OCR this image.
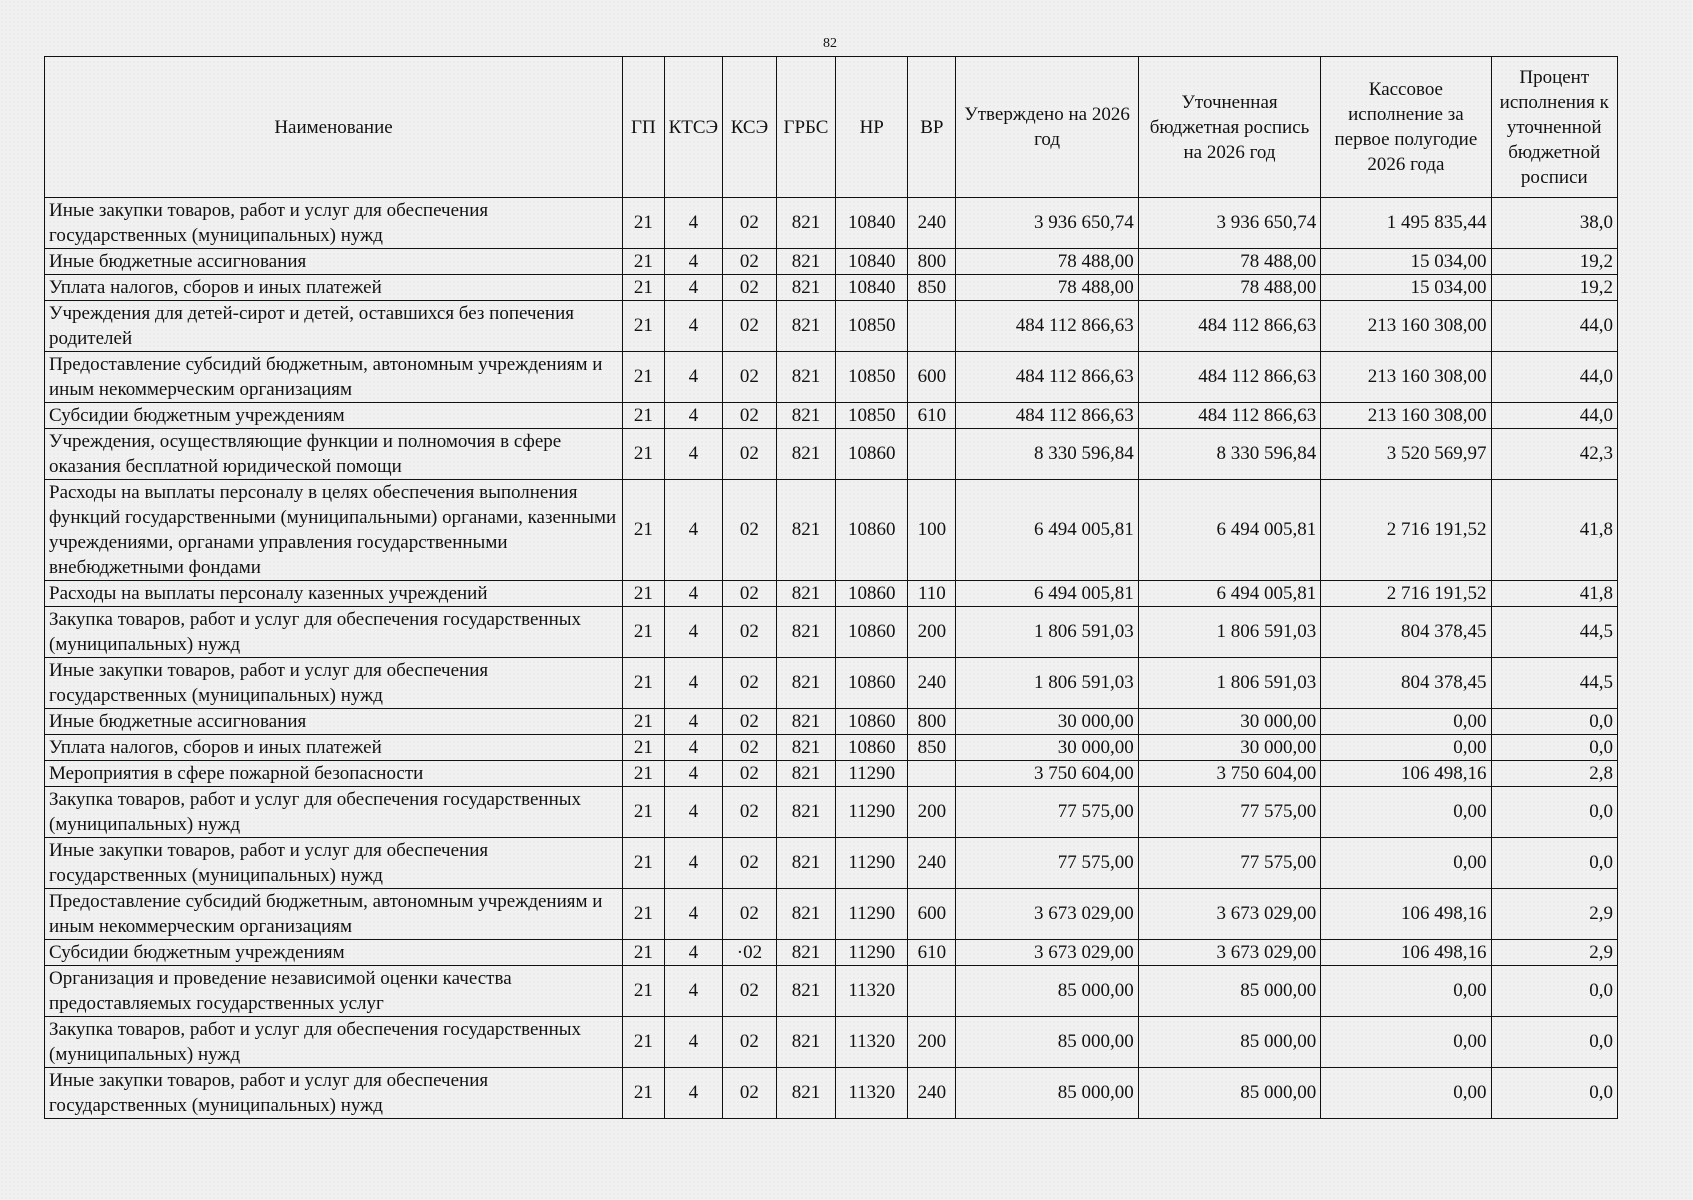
82
Наименование	ГП	КТСЭ	КСЭ	ГРБС	НР	ВР	Утверждено на 2026 год	Уточненная бюджетная роспись на 2026 год	Кассовое исполнение за первое полугодие 2026 года	Процент исполнения к уточненной бюджетной росписи
Иные закупки товаров, работ и услуг для обеспечения государственных (муниципальных) нужд	21	4	02	821	10840	240	3 936 650,74	3 936 650,74	1 495 835,44	38,0
Иные бюджетные ассигнования	21	4	02	821	10840	800	78 488,00	78 488,00	15 034,00	19,2
Уплата налогов, сборов и иных платежей	21	4	02	821	10840	850	78 488,00	78 488,00	15 034,00	19,2
Учреждения для детей-сирот и детей, оставшихся без попечения родителей	21	4	02	821	10850		484 112 866,63	484 112 866,63	213 160 308,00	44,0
Предоставление субсидий бюджетным, автономным учреждениям и иным некоммерческим организациям	21	4	02	821	10850	600	484 112 866,63	484 112 866,63	213 160 308,00	44,0
Субсидии бюджетным учреждениям	21	4	02	821	10850	610	484 112 866,63	484 112 866,63	213 160 308,00	44,0
Учреждения, осуществляющие функции и полномочия в сфере оказания бесплатной юридической помощи	21	4	02	821	10860		8 330 596,84	8 330 596,84	3 520 569,97	42,3
Расходы на выплаты персоналу в целях обеспечения выполнения функций государственными (муниципальными) органами, казенными учреждениями, органами управления государственными внебюджетными фондами	21	4	02	821	10860	100	6 494 005,81	6 494 005,81	2 716 191,52	41,8
Расходы на выплаты персоналу казенных учреждений	21	4	02	821	10860	110	6 494 005,81	6 494 005,81	2 716 191,52	41,8
Закупка товаров, работ и услуг для обеспечения государственных (муниципальных) нужд	21	4	02	821	10860	200	1 806 591,03	1 806 591,03	804 378,45	44,5
Иные закупки товаров, работ и услуг для обеспечения государственных (муниципальных) нужд	21	4	02	821	10860	240	1 806 591,03	1 806 591,03	804 378,45	44,5
Иные бюджетные ассигнования	21	4	02	821	10860	800	30 000,00	30 000,00	0,00	0,0
Уплата налогов, сборов и иных платежей	21	4	02	821	10860	850	30 000,00	30 000,00	0,00	0,0
Мероприятия в сфере пожарной безопасности	21	4	02	821	11290		3 750 604,00	3 750 604,00	106 498,16	2,8
Закупка товаров, работ и услуг для обеспечения государственных (муниципальных) нужд	21	4	02	821	11290	200	77 575,00	77 575,00	0,00	0,0
Иные закупки товаров, работ и услуг для обеспечения государственных (муниципальных) нужд	21	4	02	821	11290	240	77 575,00	77 575,00	0,00	0,0
Предоставление субсидий бюджетным, автономным учреждениям и иным некоммерческим организациям	21	4	02	821	11290	600	3 673 029,00	3 673 029,00	106 498,16	2,9
Субсидии бюджетным учреждениям	21	4	·02	821	11290	610	3 673 029,00	3 673 029,00	106 498,16	2,9
Организация и проведение независимой оценки качества предоставляемых государственных услуг	21	4	02	821	11320		85 000,00	85 000,00	0,00	0,0
Закупка товаров, работ и услуг для обеспечения государственных (муниципальных) нужд	21	4	02	821	11320	200	85 000,00	85 000,00	0,00	0,0
Иные закупки товаров, работ и услуг для обеспечения государственных (муниципальных) нужд	21	4	02	821	11320	240	85 000,00	85 000,00	0,00	0,0
